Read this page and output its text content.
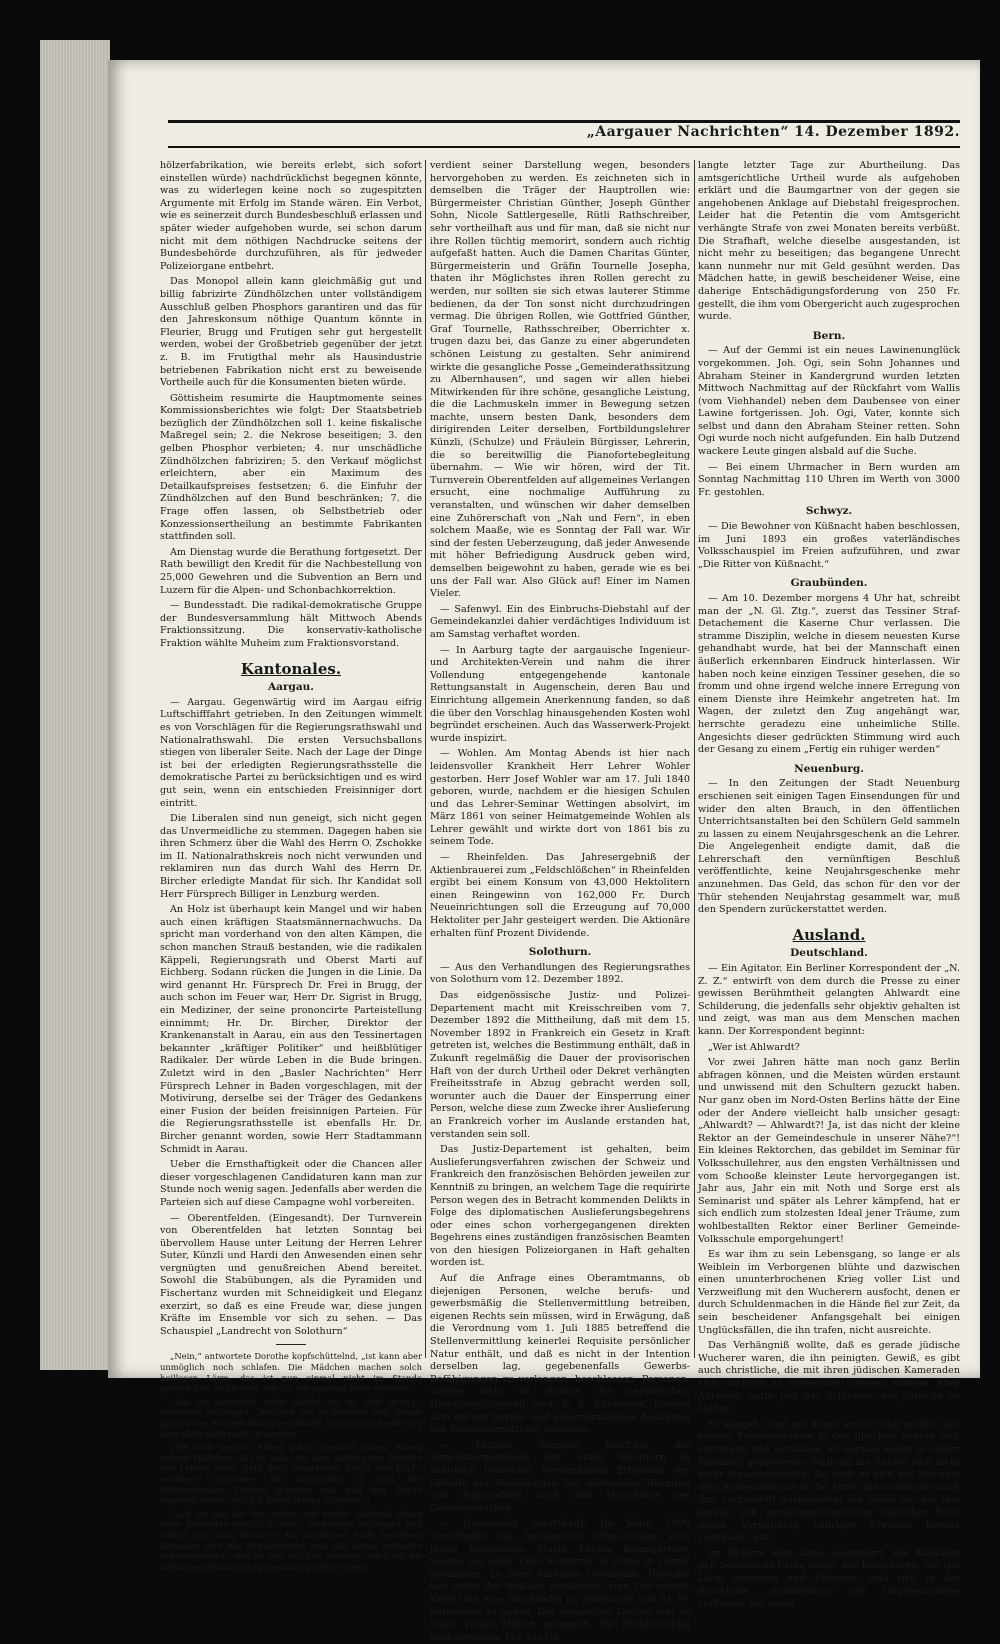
„Aargauer Nachrichten“ 14. Dezember 1892.

hölzerfabrikation, wie bereits erlebt, sich sofort einstellen würde) nachdrücklichst begegnen könnte, was zu widerlegen keine noch so zugespitzten Argumente mit Erfolg im Stande wären. Ein Verbot, wie es seinerzeit durch Bundesbeschluß erlassen und später wieder aufgehoben wurde, sei schon darum nicht mit dem nöthigen Nachdrucke seitens der Bundesbehörde durchzuführen, als für jedweder Polizeiorgane entbehrt.

Das Monopol allein kann gleichmäßig gut und billig fabrizirte Zündhölzchen unter vollständigem Ausschluß gelben Phosphors garantiren und das für den Jahreskonsum nöthige Quantum könnte in Fleurier, Brugg und Frutigen sehr gut hergestellt werden, wobei der Großbetrieb gegenüber der jetzt z. B. im Frutigthal mehr als Hausindustrie betriebenen Fabrikation nicht erst zu beweisende Vortheile auch für die Konsumenten bieten würde.

Göttisheim resumirte die Hauptmomente seines Kommissionsberichtes wie folgt: Der Staatsbetrieb bezüglich der Zündhölzchen soll 1. keine fiskalische Maßregel sein; 2. die Nekrose beseitigen; 3. den gelben Phosphor verbieten; 4. nur unschädliche Zündhölzchen fabriziren; 5. den Verkauf möglichst erleichtern, aber ein Maximum des Detailkaufspreises festsetzen; 6. die Einfuhr der Zündhölzchen auf den Bund beschränken; 7. die Frage offen lassen, ob Selbstbetrieb oder Konzessionsertheilung an bestimmte Fabrikanten stattfinden soll.

Am Dienstag wurde die Berathung fortgesetzt. Der Rath bewilligt den Kredit für die Nachbestellung von 25,000 Gewehren und die Subvention an Bern und Luzern für die Alpen- und Schonbachkorrektion.

— Bundesstadt. Die radikal-demokratische Gruppe der Bundesversammlung hält Mittwoch Abends Fraktionssitzung. Die konservativ-katholische Fraktion wählte Muheim zum Fraktionsvorstand.

Kantonales.
Aargau.

— Aargau. Gegenwärtig wird im Aargau eifrig Luftschifffahrt getrieben. In den Zeitungen wimmelt es von Vorschlägen für die Regierungsrathswahl und Nationalrathswahl. Die ersten Versuchsballons stiegen von liberaler Seite. Nach der Lage der Dinge ist bei der erledigten Regierungsrathsstelle die demokratische Partei zu berücksichtigen und es wird gut sein, wenn ein entschieden Freisinniger dort eintritt.

Die Liberalen sind nun geneigt, sich nicht gegen das Unvermeidliche zu stemmen. Dagegen haben sie ihren Schmerz über die Wahl des Herrn O. Zschokke im II. Nationalrathskreis noch nicht verwunden und reklamiren nun das durch Wahl des Herrn Dr. Bircher erledigte Mandat für sich. Ihr Kandidat soll Herr Fürsprech Billiger in Lenzburg werden.

An Holz ist überhaupt kein Mangel und wir haben auch einen kräftigen Staatsmännernachwuchs. Da spricht man vorderhand von den alten Kämpen, die schon manchen Strauß bestanden, wie die radikalen Käppeli, Regierungsrath und Oberst Marti auf Eichberg. Sodann rücken die Jungen in die Linie. Da wird genannt Hr. Fürsprech Dr. Frei in Brugg, der auch schon im Feuer war, Herr Dr. Sigrist in Brugg, ein Mediziner, der seine prononcirte Parteistellung einnimmt; Hr. Dr. Bircher, Direktor der Krankenanstalt in Aarau, ein aus den Tessinertagen bekannter „kräftiger Politiker“ und heißblütiger Radikaler. Der würde Leben in die Bude bringen. Zuletzt wird in den „Basler Nachrichten“ Herr Fürsprech Lehner in Baden vorgeschlagen, mit der Motivirung, derselbe sei der Träger des Gedankens einer Fusion der beiden freisinnigen Parteien. Für die Regierungsrathsstelle ist ebenfalls Hr. Dr. Bircher genannt worden, sowie Herr Stadtammann Schmidt in Aarau.

Ueber die Ernsthaftigkeit oder die Chancen aller dieser vorgeschlagenen Candidaturen kann man zur Stunde noch wenig sagen. Jedenfalls aber werden die Parteien sich auf diese Campagne wohl vorbereiten.

— Oberentfelden. (Eingesandt). Der Turnverein von Oberentfelden hat letzten Sonntag bei übervollem Hause unter Leitung der Herren Lehrer Suter, Künzli und Hardi den Anwesenden einen sehr vergnügten und genußreichen Abend bereitet. Sowohl die Stabübungen, als die Pyramiden und Fischertanz wurden mit Schneidigkeit und Eleganz exerzirt, so daß es eine Freude war, diese jungen Kräfte im Ensemble vor sich zu sehen. — Das Schauspiel „Landrecht von Solothurn“

„Nein,“ antwortete Dorothe kopfschüttelnd, „ist kann aber unmöglich noch schlafen. Die Mädchen machen solch heillosen Lärm, das ist nun einmal nicht im Stande geräuschlos zu bleiben, nur für ein paarmal Ruhe geboten.“

„Das ist eigentlich nicht nöthig, es ist spät genug,“ erwiderte Hildegard. „Weilheit hat in letzterer Zeit immer gern in den Morgen hinein geschlafen, so spät wie heute ist's aber doch noch nicht geworden.

„Sie wird gestern Abend lange gewacht haben; einem jungen Mädchen, das so nahe vor dem wichtigsten Schritte des Lebens steht, geht doch mancherlei durch den Kopf,“ erwiderte Dorothee, die inzwischen in eins der offenstehenden Zimmer getreten war und ihre Bürde abgelegt hatte. „Soll ich Ihnen Hanna schicken?“

„Laß sie nur bei der Arbeit, ich werde Adelheid schon beim Ankleiden behilflich sein,“ antwortete Hildegard und schritt den Gang hinunter. Am nördlichen Ende desselben befanden sich das Schlafzimmer und das daran stoßende Ankleidezimmer, welche seit etlichen Monaten Adelheid zur alleinigen Benutzung eingeräumt worden waren.

verdient seiner Darstellung wegen, besonders hervorgehoben zu werden. Es zeichneten sich in demselben die Träger der Hauptrollen wie: Bürgermeister Christian Günther, Joseph Günther Sohn, Nicole Sattlergeselle, Rütli Rathschreiber, sehr vortheilhaft aus und für man, daß sie nicht nur ihre Rollen tüchtig memorirt, sondern auch richtig aufgefaßt hatten. Auch die Damen Charitas Günter, Bürgermeisterin und Gräfin Tournelle Josepha, thaten ihr Möglichstes ihren Rollen gerecht zu werden, nur sollten sie sich etwas lauterer Stimme bedienen, da der Ton sonst nicht durchzudringen vermag. Die übrigen Rollen, wie Gottfried Günther, Graf Tournelle, Rathsschreiber, Oberrichter x. trugen dazu bei, das Ganze zu einer abgerundeten schönen Leistung zu gestalten. Sehr animirend wirkte die gesangliche Posse „Gemeinderathssitzung zu Albernhausen“, und sagen wir allen hiebei Mitwirkenden für ihre schöne, gesangliche Leistung, die die Lachmuskeln immer in Bewegung setzen machte, unsern besten Dank, besonders dem dirigirenden Leiter derselben, Fortbildungslehrer Künzli, (Schulze) und Fräulein Bürgisser, Lehrerin, die so bereitwillig die Pianofortebegleitung übernahm. — Wie wir hören, wird der Tit. Turnverein Oberentfelden auf allgemeines Verlangen ersucht, eine nochmalige Aufführung zu veranstalten, und wünschen wir daher demselben eine Zuhörerschaft von „Nah und Fern“, in eben solchem Maaße, wie es Sonntag der Fall war. Wir sind der festen Ueberzeugung, daß jeder Anwesende mit höher Befriedigung Ausdruck geben wird, demselben beigewohnt zu haben, gerade wie es bei uns der Fall war. Also Glück auf! Einer im Namen Vieler.

— Safenwyl. Ein des Einbruchs-Diebstahl auf der Gemeindekanzlei dahier verdächtiges Individuum ist am Samstag verhaftet worden.

— In Aarburg tagte der aargauische Ingenieur- und Architekten-Verein und nahm die ihrer Vollendung entgegengehende kantonale Rettungsanstalt in Augenschein, deren Bau und Einrichtung allgemein Anerkennung fanden, so daß die über den Vorschlag hinausgehenden Kosten wohl begründet erscheinen. Auch das Wasserwerk-Projekt wurde inspizirt.

— Wohlen. Am Montag Abends ist hier nach leidensvoller Krankheit Herr Lehrer Wohler gestorben. Herr Josef Wohler war am 17. Juli 1840 geboren, wurde, nachdem er die hiesigen Schulen und das Lehrer-Seminar Wettingen absolvirt, im März 1861 von seiner Heimatgemeinde Wohlen als Lehrer gewählt und wirkte dort von 1861 bis zu seinem Tode.

— Rheinfelden. Das Jahresergebniß der Aktienbrauerei zum „Feldschlößchen“ in Rheinfelden ergibt bei einem Konsum von 43,000 Hektolitern einen Reingewinn von 162,000 Fr. Durch Neueinrichtungen soll die Erzeugung auf 70,000 Hektoliter per Jahr gesteigert werden. Die Aktionäre erhalten fünf Prozent Dividende.

Solothurn.

— Aus den Verhandlungen des Regierungsrathes von Solothurn vom 12. Dezember 1892.

Das eidgenössische Justiz- und Polizei-Departement macht mit Kreisschreiben vom 7. Dezember 1892 die Mittheilung, daß mit dem 15. November 1892 in Frankreich ein Gesetz in Kraft getreten ist, welches die Bestimmung enthält, daß in Zukunft regelmäßig die Dauer der provisorischen Haft von der durch Urtheil oder Dekret verhängten Freiheitsstrafe in Abzug gebracht werden soll, worunter auch die Dauer der Einsperrung einer Person, welche diese zum Zwecke ihrer Auslieferung an Frankreich vorher im Auslande erstanden hat, verstanden sein soll.

Das Justiz-Departement ist gehalten, beim Auslieferungsverfahren zwischen der Schweiz und Frankreich den französischen Behörden jeweilen zur Kenntniß zu bringen, an welchem Tage die requirirte Person wegen des in Betracht kommenden Delikts in Folge des diplomatischen Auslieferungsbegehrens oder eines schon vorhergegangenen direkten Begehrens eines zuständigen französischen Beamten von den hiesigen Polizeiorganen in Haft gehalten worden ist.

Auf die Anfrage eines Oberamtmanns, ob diejenigen Personen, welche berufs- und gewerbsmäßig die Stellenvermittlung betreiben, eigenen Rechts sein müssen, wird in Erwägung, daß die Verordnung vom 1. Juli 1885 betreffend die Stellenvermittlung keinerlei Requisite persönlicher Natur enthält, und daß es nicht in der Intention derselben lag, gegebenenfalls Gewerbs-Befähigungen zu verlangen, beschlossen: Personen, welche nicht im Besitze der persönlichen Handlungsfähigkeit sind, z. B. Ehefrauen, können sich mit der berufs- und gewerbsmäßigen Ausübung der Stellenvermittlung befassen.

— Letzten Sonntag beschloß die Einwohnergemeinde der Stadt Solothurn in zahlreich besuchter Versammlung Erhöhung der Gehalte der Besoldungen der städtischen Beamten und Angestellten nach dem Vorschlage des Gemeinderathes.

— Unschuldig verurtheilt. Im Jahre 1890 verurtheilte das Amtsgericht Olten-Gösgen eine junge Luzernerin, Maria Thekla Baumgartner, welche bei einer Frau Schwyzer in Olten in Dienst gestanden, zu zwei Monaten Gefängniß. Dieselbe war unter der Anklage gestanden, eine Uhr sammt Kette und eine Stecknadel im Totalwerth von 61 Fr. entwendet zu haben. Der genannten Tochter war es unter vielen Mühen gelungen, ihr Nichtschuldig nachzuweisen. Für das Ge-

langte letzter Tage zur Aburtheilung. Das amtsgerichtliche Urtheil wurde als aufgehoben erklärt und die Baumgartner von der gegen sie angehobenen Anklage auf Diebstahl freigesprochen. Leider hat die Petentin die vom Amtsgericht verhängte Strafe von zwei Monaten bereits verbüßt. Die Strafhaft, welche dieselbe ausgestanden, ist nicht mehr zu beseitigen; das begangene Unrecht kann nunmehr nur mit Geld gesühnt werden. Das Mädchen hatte, in gewiß bescheidener Weise, eine daherige Entschädigungsforderung von 250 Fr. gestellt, die ihm vom Obergericht auch zugesprochen wurde.

Bern.

— Auf der Gemmi ist ein neues Lawinenunglück vorgekommen. Joh. Ogi, sein Sohn Johannes und Abraham Steiner in Kandergrund wurden letzten Mittwoch Nachmittag auf der Rückfahrt vom Wallis (vom Viehhandel) neben dem Daubensee von einer Lawine fortgerissen. Joh. Ogi, Vater, konnte sich selbst und dann den Abraham Steiner retten. Sohn Ogi wurde noch nicht aufgefunden. Ein halb Dutzend wackere Leute gingen alsbald auf die Suche.

— Bei einem Uhrmacher in Bern wurden am Sonntag Nachmittag 110 Uhren im Werth von 3000 Fr. gestohlen.

Schwyz.

— Die Bewohner von Küßnacht haben beschlossen, im Juni 1893 ein großes vaterländisches Volksschauspiel im Freien aufzuführen, und zwar „Die Ritter von Küßnacht.“

Graubünden.

— Am 10. Dezember morgens 4 Uhr hat, schreibt man der „N. Gl. Ztg.“, zuerst das Tessiner Straf-Detachement die Kaserne Chur verlassen. Die stramme Disziplin, welche in diesem neuesten Kurse gehandhabt wurde, hat bei der Mannschaft einen äußerlich erkennbaren Eindruck hinterlassen. Wir haben noch keine einzigen Tessiner gesehen, die so fromm und ohne irgend welche innere Erregung von einem Dienste ihre Heimkehr angetreten hat. Im Wagen, der zuletzt den Zug angehängt war, herrschte geradezu eine unheimliche Stille. Angesichts dieser gedrückten Stimmung wird auch der Gesang zu einem „Fertig ein ruhiger werden“

Neuenburg.

— In den Zeitungen der Stadt Neuenburg erschienen seit einigen Tagen Einsendungen für und wider den alten Brauch, in den öffentlichen Unterrichtsanstalten bei den Schülern Geld sammeln zu lassen zu einem Neujahrsgeschenk an die Lehrer. Die Angelegenheit endigte damit, daß die Lehrerschaft den vernünftigen Beschluß veröffentlichte, keine Neujahrsgeschenke mehr anzunehmen. Das Geld, das schon für den vor der Thür stehenden Neujahrstag gesammelt war, muß den Spendern zurückerstattet werden.

Ausland.
Deutschland.

— Ein Agitator. Ein Berliner Korrespondent der „N. Z. Z.“ entwirft von dem durch die Presse zu einer gewissen Berühmtheit gelangten Ahlwardt eine Schilderung, die jedenfalls sehr objektiv gehalten ist und zeigt, was man aus dem Menschen machen kann. Der Korrespondent beginnt:

„Wer ist Ahlwardt?

Vor zwei Jahren hätte man noch ganz Berlin abfragen können, und die Meisten würden erstaunt und unwissend mit den Schultern gezuckt haben. Nur ganz oben im Nord-Osten Berlins hätte der Eine oder der Andere vielleicht halb unsicher gesagt: „Ahlwardt? — Ahlwardt?! Ja, ist das nicht der kleine Rektor an der Gemeindeschule in unserer Nähe?“! Ein kleines Rektorchen, das gebildet im Seminar für Volksschullehrer, aus den engsten Verhältnissen und vom Schooße kleinster Leute hervorgegangen ist. Jahr aus, Jahr ein mit Noth und Sorge erst als Seminarist und später als Lehrer kämpfend, hat er sich endlich zum stolzesten Ideal jener Träume, zum wohlbestallten Rektor einer Berliner Gemeinde-Volksschule emporgehungert!

Es war ihm zu sein Lebensgang, so lange er als Weiblein im Verborgenen blühte und dazwischen einen ununterbrochenen Krieg voller List und Verzweiflung mit den Wucherern ausfocht, denen er durch Schuldenmachen in die Hände fiel zur Zeit, da sein bescheidener Anfangsgehalt bei einigen Unglücksfällen, die ihn trafen, nicht ausreichte.

Das Verhängniß wollte, daß es gerade jüdische Wucherer waren, die ihn peinigten. Gewiß, es gibt auch christliche, die mit ihren jüdischen Kameraden sich reichlich an Gemeinheit messen können. Aber Ahlwardt hatte just das Schicksal, auf jüdische zu stoßen.

Er kämpft, ringt mit ihnen, er tritt hier endlich aus seinem Freundeskreise in den gleichen Netzen sich verfangen und versinken. Er vermag selbst in seiner finanziell gebesserten Stellung als Rektor sich nicht mehr hinauszuwinden. Da wirft er sich mit Ingrimm dem Antisemitismus in die Arme und schleudert nach ihm verzweifelt ausgebreitet die Hülfe ab, die ihm gerade von menschenfreundlicher jüdischer Seite durch Vermittlung rühriger Freunde bereits zugedacht war.

Im Weitern wird dann ausgeführt, wie Ahlwardt den Semiten zu Leibe steigt, mit Broschüren, die viel Lärm erzeugen und Prozesse, und sich in der Broschüre „Judenflinten“ ins Ungeheuerliche verfiegen; für einen
